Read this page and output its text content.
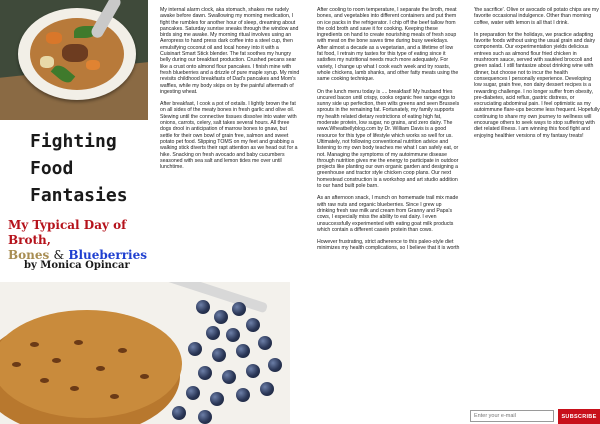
Fighting
Food
Fantasies
My Typical Day of Broth,
Bones & Blueberries

by Monica Opincar

My internal alarm clock, aka stomach, shakes me rudely awake before dawn. Swallowing my morning medication, I fight the rumbles for another hour of sleep, dreaming about pancakes. Saturday sunrise sneaks through the window and birds sing me awake. My morning ritual involves using an Aeropress to hand press dark coffee into a steel cup, then emulsifying coconut oil and local honey into it with a Cuisinart Smart Stick blender. The fat soothes my hungry belly during our breakfast production. Crushed pecans sear like a crust onto almond flour pancakes. I finish mine with fresh blueberries and a drizzle of pure maple syrup. My mind revisits childhood breakfasts of Dad's pancakes and Mom's waffles, while my body skips on by the painful aftermath of ingesting wheat.

After breakfast, I cook a pot of oxtails. I lightly brown the fat on all sides of the meaty bones in fresh garlic and olive oil. Stewing until the connective tissues dissolve into water with onions, carrots, celery, salt takes several hours. All three dogs drool in anticipation of marrow bones to gnaw, but settle for their own bowl of grain free, salmon and sweet potato pet food. Slipping TOMS on my feet and grabbing a walking stick diverts their rapt attention as we head out for a hike. Snacking on fresh avocado and baby cucumbers seasoned with sea salt and lemon tides me over until lunchtime.

After cooling to room temperature, I separate the broth, meat bones, and vegetables into different containers and put them on ice packs in the refrigerator. I chip off the beef tallow from the cold broth and save it for cooking. Keeping these ingredients on hand to create nourishing meals of fresh soup with meat on the bone saves time during busy weekdays. After almost a decade as a vegetarian, and a lifetime of low fat food, I retrain my tastes for this type of eating since it satisfies my nutritional needs much more adequately. For variety, I change up what I cook each week and try roasts, whole chickens, lamb shanks, and other fatty meats using the same cooking technique.

On the lunch menu today is .... breakfast! My husband fries uncured bacon until crispy, cooks organic free range eggs to sunny side up perfection, then wilts greens and seen Brussels sprouts in the remaining fat. Fortunately, my family supports my health related dietary restrictions of eating high fat, moderate protein, low sugar, no grains, and zero dairy. The www.Wheatbellyblog.com by Dr. William Davis is a good resource for this type of lifestyle which works so well for us. Ultimately, not following conventional nutrition advice and listening to my own body teaches me what I can safely eat, or not. Managing the symptoms of my autoimmune disease through nutrition gives me the energy to participate in outdoor projects like planting our own organic garden and designing a greenhouse and tractor style chicken coop plans. Our next homestead construction is a workshop and art studio addition to our hand built pole barn.

As an afternoon snack, I munch on homemade trail mix made with raw nuts and organic blueberries. Since I grew up drinking fresh raw milk and cream from Granny and Papa's cows, I especially miss the ability to eat dairy. I even unsuccessfully experimented with eating goat milk products which contain a different casein protein than cows.

However frustrating, strict adherence to this paleo-style diet minimizes my health complications, so I believe that it is worth

'the sacrifice'. Olive or avocado oil potato chips are my favorite occasional indulgence. Other than morning coffee, water with lemon is all that I drink.

In preparation for the holidays, we practice adapting favorite foods without using the usual grain and dairy components. Our experimentation yields delicious entrees such as almond flour fried chicken in mushroom sauce, served with sautéed broccoli and green salad. I still fantasize about drinking wine with dinner, but choose not to incur the health consequences I personally experience. Developing low sugar, grain free, non dairy dessert recipes is a rewarding challenge. I no longer suffer from obesity, pre-diabetes, acid reflux, gastric distress, or excruciating abdominal pain. I feel optimistic as my autoimmune flare-ups become less frequent. Hopefully continuing to share my own journey to wellness will encourage others to seek ways to stop suffering with diet related illness. I am winning this food fight and enjoying healthier versions of my fantasy treats!

Enter your e-mail
SUBSCRIBE
